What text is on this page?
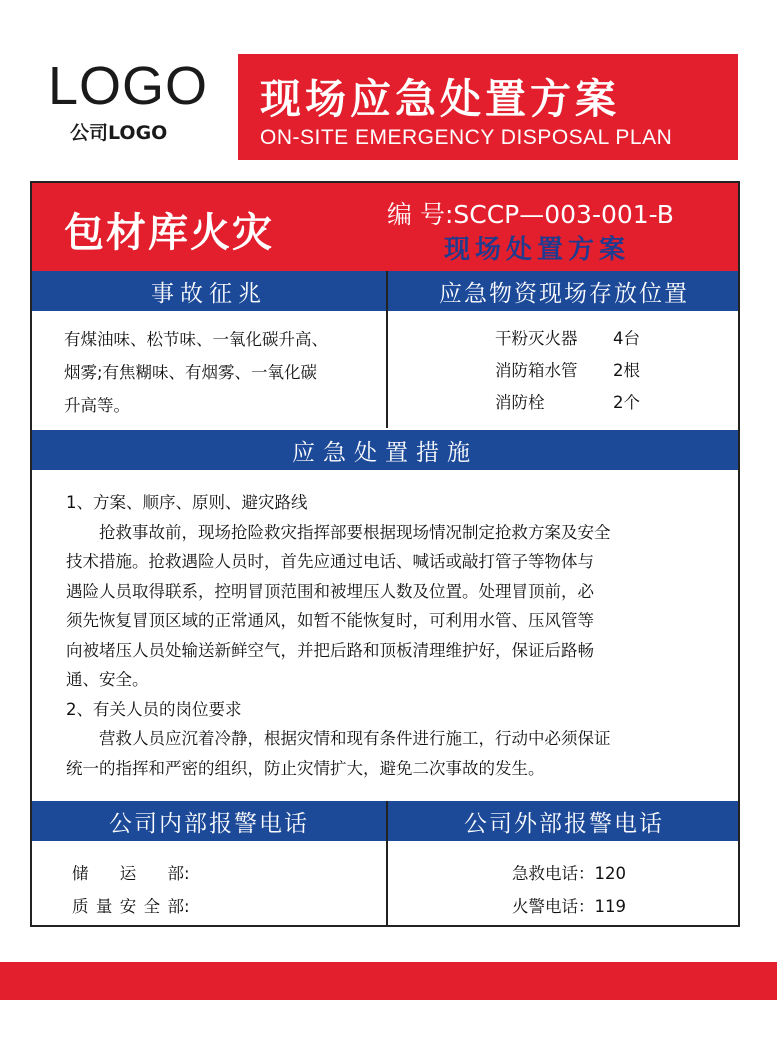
LOGO
公司LOGO
现场应急处置方案
ON-SITE EMERGENCY DISPOSAL PLAN
包材库火灾	编 号:SCCP—003-001-B
现场处置方案
事故征兆	应急物资现场存放位置
有煤油味、松节味、一氧化碳升高、
烟雾;有焦糊味、有烟雾、一氧化碳
升高等。
干粉灭火器	4台
消防箱水管	2根
消防栓	2个
应急处置措施

1、方案、顺序、原则、避灾路线

抢救事故前，现场抢险救灾指挥部要根据现场情况制定抢救方案及安全

技术措施。抢救遇险人员时，首先应通过电话、喊话或敲打管子等物体与

遇险人员取得联系，控明冒顶范围和被埋压人数及位置。处理冒顶前，必

须先恢复冒顶区域的正常通风，如暂不能恢复时，可利用水管、压风管等

向被堵压人员处输送新鲜空气，并把后路和顶板清理维护好，保证后路畅

通、安全。

2、有关人员的岗位要求

营救人员应沉着冷静，根据灾情和现有条件进行施工，行动中必须保证

统一的指挥和严密的组织，防止灾情扩大，避免二次事故的发生。

公司内部报警电话	公司外部报警电话
储运部 :
质量安全部 :
急救电话：120
火警电话：119
